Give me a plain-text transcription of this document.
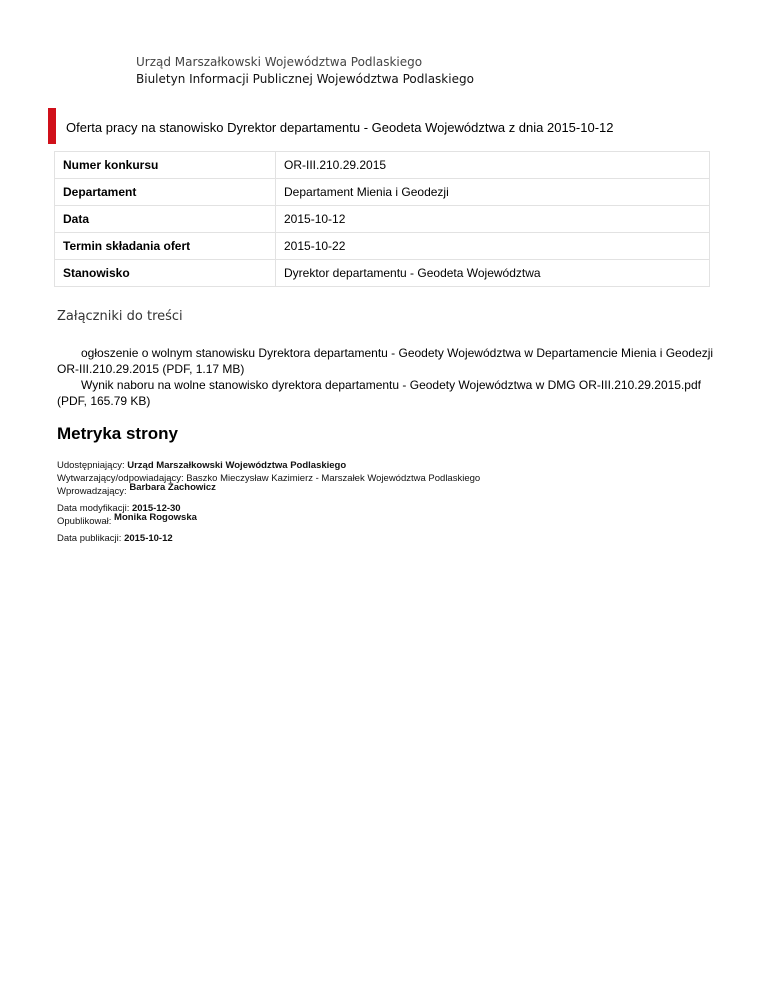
Urząd Marszałkowski Województwa Podlaskiego
Biuletyn Informacji Publicznej Województwa Podlaskiego
Oferta pracy na stanowisko Dyrektor departamentu - Geodeta Województwa z dnia 2015-10-12
Numer konkursu	OR-III.210.29.2015
Departament	Departament Mienia i Geodezji
Data	2015-10-12
Termin składania ofert	2015-10-22
Stanowisko	Dyrektor departamentu - Geodeta Województwa
Załączniki do treści

ogłoszenie o wolnym stanowisku Dyrektora departamentu - Geodety Województwa w Departamencie Mienia i Geodezji OR-III.210.29.2015 (PDF, 1.17 MB)

Wynik naboru na wolne stanowisko dyrektora departamentu - Geodety Województwa w DMG OR-III.210.29.2015.pdf (PDF, 165.79 KB)

Metryka strony
Udostępniający: Urząd Marszałkowski Województwa Podlaskiego
Wytwarzający/odpowiadający: Baszko Mieczysław Kazimierz - Marszałek Województwa Podlaskiego
Wprowadzający: Barbara Zachowicz
Data modyfikacji: 2015-12-30
Opublikował: Monika Rogowska
Data publikacji: 2015-10-12
